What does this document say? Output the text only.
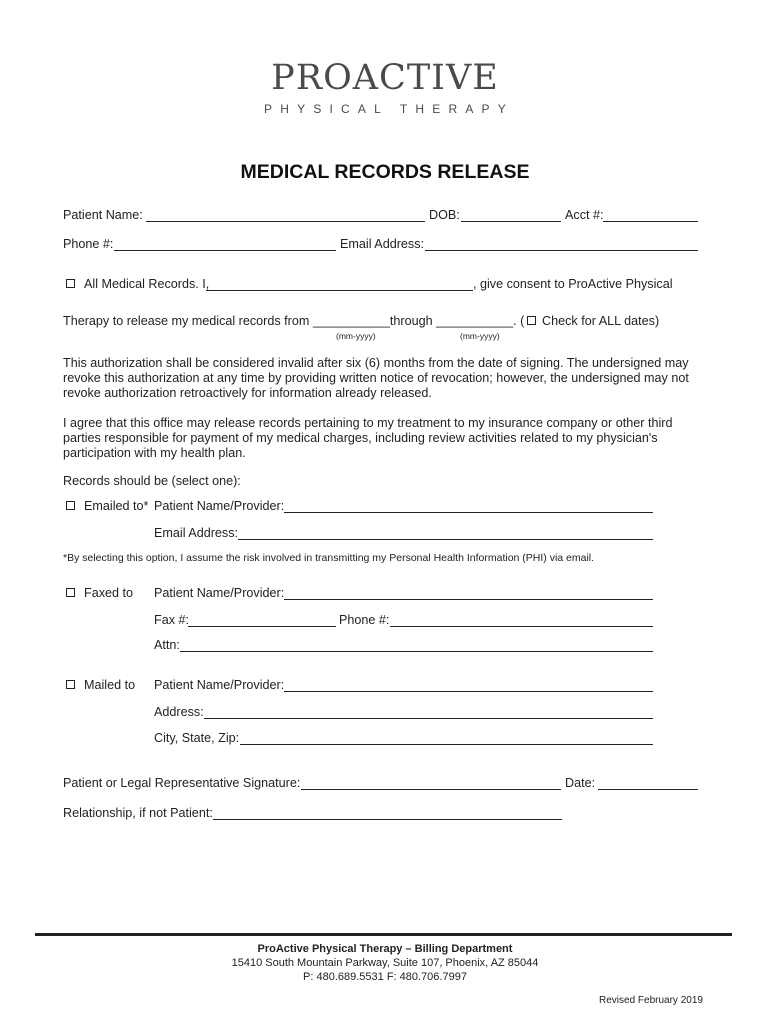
PROACTIVE
PHYSICAL THERAPY
MEDICAL RECORDS RELEASE
Patient Name:	DOB:	Acct #:
Phone #:	Email Address:
All Medical Records. I,	, give consent to ProActive Physical
Therapy to release my medical records from ___________through ___________. ( Check for ALL dates)
(mm-yyyy)	(mm-yyyy)
This authorization shall be considered invalid after six (6) months from the date of signing. The undersigned may revoke this authorization at any time by providing written notice of revocation; however, the undersigned may not revoke authorization retroactively for information already released.
I agree that this office may release records pertaining to my treatment to my insurance company or other third parties responsible for payment of my medical charges, including review activities related to my physician's participation with my health plan.
Records should be (select one):
Emailed to* Patient Name/Provider:
Email Address:
*By selecting this option, I assume the risk involved in transmitting my Personal Health Information (PHI) via email.
Faxed to Patient Name/Provider:
Fax #:	Phone #:
Attn:
Mailed to Patient Name/Provider:
Address:
City, State, Zip:
Patient or Legal Representative Signature:	Date:
Relationship, if not Patient:
ProActive Physical Therapy – Billing Department
15410 South Mountain Parkway, Suite 107, Phoenix, AZ 85044
P: 480.689.5531 F: 480.706.7997
Revised February 2019
